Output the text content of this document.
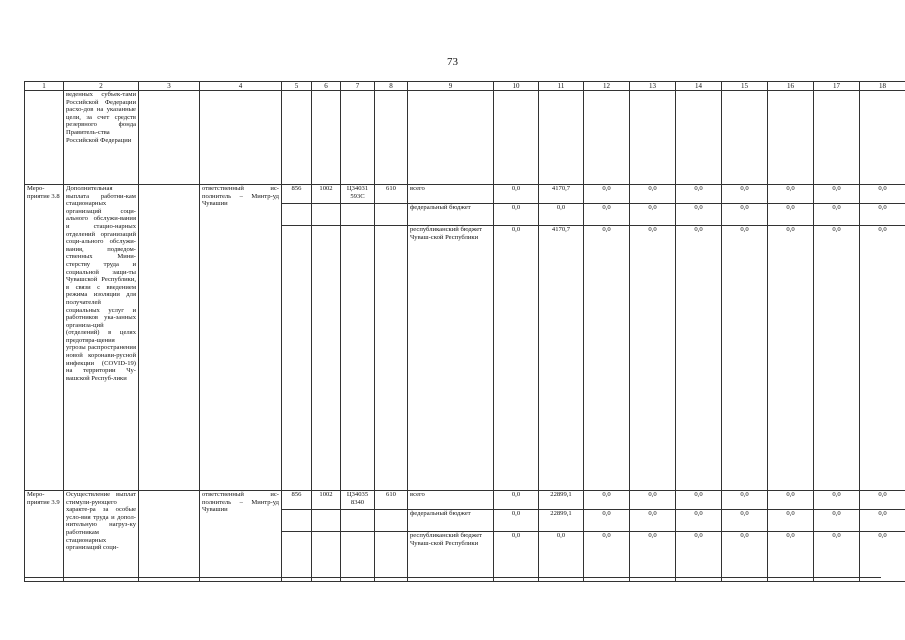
73
1	2	3	4	5	6	7	8	9	10	11	12	13	14	15	16	17	18
	веденных субъек-тами Российской Федерации расхо-дов на указанные цели, за счет средств резервного фонда Правитель-ства Российской Федерации																
Меро-приятие 3.8	Дополнительная выплата работни-кам стационарных организаций соци-ального обслужи-вания и стацио-нарных отделений организаций соци-ального обслужи-вания, подведом-ственных Мини-стерству труда и социальной защи-ты Чувашской Республики, в связи с введением режима изоляции для получателей социальных услуг и работников ука-занных организа-ций (отделений) в целях предотвра-щения угрозы распространения новой коронави-русной инфекции (COVID-19) на территории Чу-вашской Респуб-лики		ответственный ис-полнитель – Минтр-уд Чувашии	856	1002	Ц34031 593С	610	всего	0,0	4170,7	0,0	0,0	0,0	0,0	0,0	0,0	0,0
								федеральный бюджет	0,0	0,0	0,0	0,0	0,0	0,0	0,0	0,0	0,0
								республиканский бюджет Чуваш-ской Республики	0,0	4170,7	0,0	0,0	0,0	0,0	0,0	0,0	0,0
Меро-приятие 3.9	Осуществление выплат стимули-рующего характе-ра за особые усло-вия труда и допол-нительную нагруз-ку работникам стационарных организаций соци-		ответственный ис-полнитель – Минтр-уд Чувашии	856	1002	Ц34035 8340	610	всего	0,0	22899,1	0,0	0,0	0,0	0,0	0,0	0,0	0,0
								федеральный бюджет	0,0	22899,1	0,0	0,0	0,0	0,0	0,0	0,0	0,0
								республиканский бюджет Чуваш-ской Республики	0,0	0,0	0,0	0,0	0,0	0,0	0,0	0,0	0,0
